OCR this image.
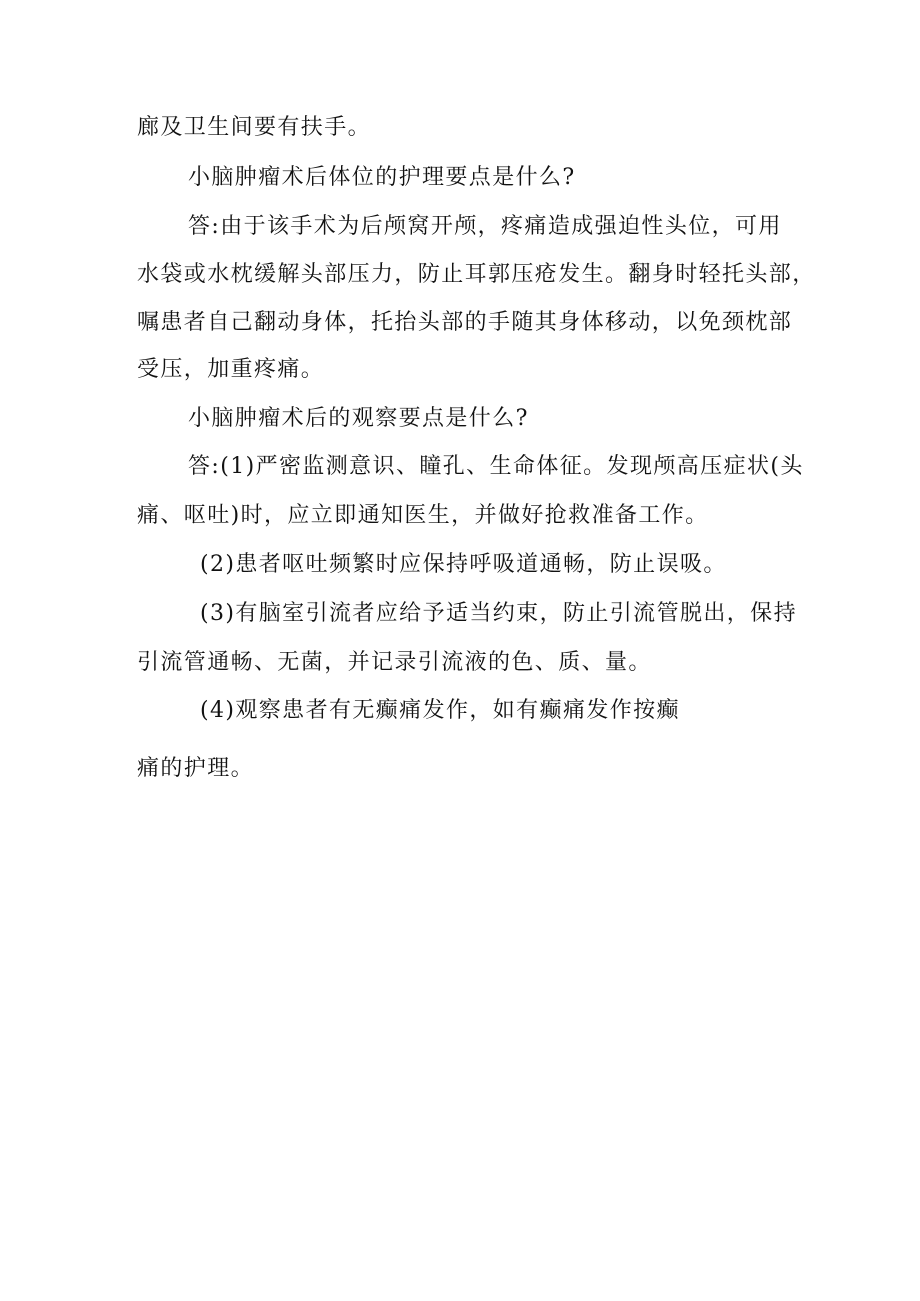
廊及卫生间要有扶手。
小脑肿瘤术后体位的护理要点是什么?
答:由于该手术为后颅窝开颅，疼痛造成强迫性头位，可用
水袋或水枕缓解头部压力，防止耳郭压疮发生。翻身时轻托头部，
嘱患者自己翻动身体，托抬头部的手随其身体移动，以免颈枕部
受压，加重疼痛。
小脑肿瘤术后的观察要点是什么?
答:(1)严密监测意识、瞳孔、生命体征。发现颅高压症状(头
痛、呕吐)时，应立即通知医生，并做好抢救准备工作。
(2)患者呕吐频繁时应保持呼吸道通畅，防止误吸。
(3)有脑室引流者应给予适当约束，防止引流管脱出，保持
引流管通畅、无菌，并记录引流液的色、质、量。
(4)观察患者有无癫痛发作，如有癫痛发作按癫
痛的护理。
